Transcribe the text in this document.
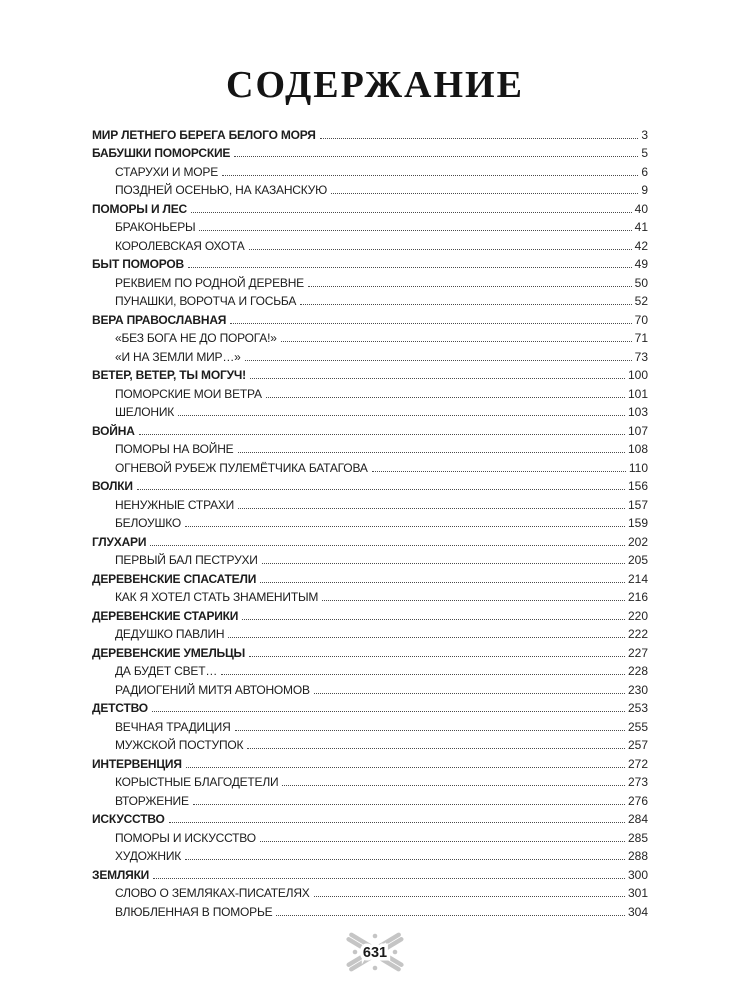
СОДЕРЖАНИЕ
МИР ЛЕТНЕГО БЕРЕГА БЕЛОГО МОРЯ	3
БАБУШКИ ПОМОРСКИЕ	5
СТАРУХИ И МОРЕ	6
ПОЗДНЕЙ ОСЕНЬЮ, НА КАЗАНСКУЮ	9
ПОМОРЫ И ЛЕС	40
БРАКОНЬЕРЫ	41
КОРОЛЕВСКАЯ ОХОТА	42
БЫТ ПОМОРОВ	49
РЕКВИЕМ ПО РОДНОЙ ДЕРЕВНЕ	50
ПУНАШКИ, ВОРОТЧА И ГОСЬБА	52
ВЕРА ПРАВОСЛАВНАЯ	70
«БЕЗ БОГА НЕ ДО ПОРОГА!»	71
«И НА ЗЕМЛИ МИР…»	73
ВЕТЕР, ВЕТЕР, ТЫ МОГУЧ!	100
ПОМОРСКИЕ МОИ ВЕТРА	101
ШЕЛОНИК	103
ВОЙНА	107
ПОМОРЫ НА ВОЙНЕ	108
ОГНЕВОЙ РУБЕЖ ПУЛЕМЁТЧИКА БАТАГОВА	110
ВОЛКИ	156
НЕНУЖНЫЕ СТРАХИ	157
БЕЛОУШКО	159
ГЛУХАРИ	202
ПЕРВЫЙ БАЛ ПЕСТРУХИ	205
ДЕРЕВЕНСКИЕ СПАСАТЕЛИ	214
КАК Я ХОТЕЛ СТАТЬ ЗНАМЕНИТЫМ	216
ДЕРЕВЕНСКИЕ СТАРИКИ	220
ДЕДУШКО ПАВЛИН	222
ДЕРЕВЕНСКИЕ УМЕЛЬЦЫ	227
ДА БУДЕТ СВЕТ…	228
РАДИОГЕНИЙ МИТЯ АВТОНОМОВ	230
ДЕТСТВО	253
ВЕЧНАЯ ТРАДИЦИЯ	255
МУЖСКОЙ ПОСТУПОК	257
ИНТЕРВЕНЦИЯ	272
КОРЫСТНЫЕ БЛАГОДЕТЕЛИ	273
ВТОРЖЕНИЕ	276
ИСКУССТВО	284
ПОМОРЫ И ИСКУССТВО	285
ХУДОЖНИК	288
ЗЕМЛЯКИ	300
СЛОВО О ЗЕМЛЯКАХ-ПИСАТЕЛЯХ	301
ВЛЮБЛЕННАЯ В ПОМОРЬЕ	304
631
